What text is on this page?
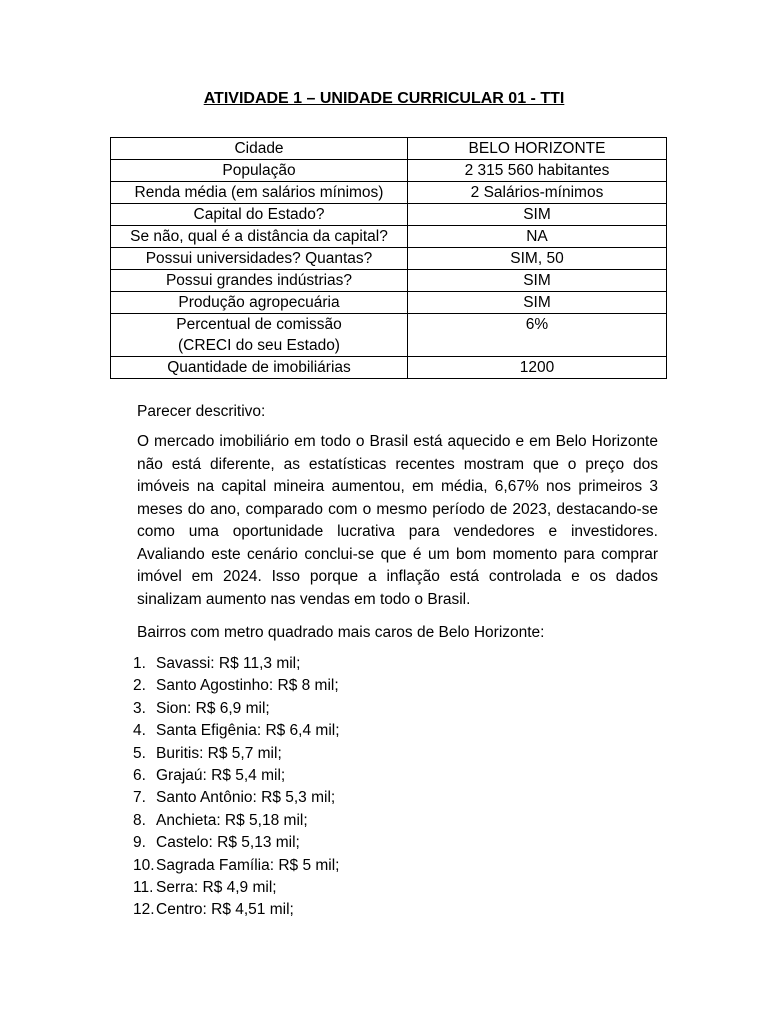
ATIVIDADE 1 – UNIDADE CURRICULAR 01 - TTI
Cidade	BELO HORIZONTE
População	2 315 560 habitantes
Renda média (em salários mínimos)	2 Salários-mínimos
Capital do Estado?	SIM
Se não, qual é a distância da capital?	NA
Possui universidades? Quantas?	SIM, 50
Possui grandes indústrias?	SIM
Produção agropecuária	SIM

Percentual de comissão
(CRECI do seu Estado)	6%
Quantidade de imobiliárias	1200
Parecer descritivo:
O mercado imobiliário em todo o Brasil está aquecido e em Belo Horizonte não está diferente, as estatísticas recentes mostram que o preço dos imóveis na capital mineira aumentou, em média, 6,67% nos primeiros 3 meses do ano, comparado com o mesmo período de 2023, destacando-se como uma oportunidade lucrativa para vendedores e investidores. Avaliando este cenário conclui-se que é um bom momento para comprar imóvel em 2024. Isso porque a inflação está controlada e os dados sinalizam aumento nas vendas em todo o Brasil.
Bairros com metro quadrado mais caros de Belo Horizonte:
1. Savassi: R$ 11,3 mil;
2. Santo Agostinho: R$ 8 mil;
3. Sion: R$ 6,9 mil;
4. Santa Efigênia: R$ 6,4 mil;
5. Buritis: R$ 5,7 mil;
6. Grajaú: R$ 5,4 mil;
7. Santo Antônio: R$ 5,3 mil;
8. Anchieta: R$ 5,18 mil;
9. Castelo: R$ 5,13 mil;
10. Sagrada Família: R$ 5 mil;
11. Serra: R$ 4,9 mil;
12. Centro: R$ 4,51 mil;
